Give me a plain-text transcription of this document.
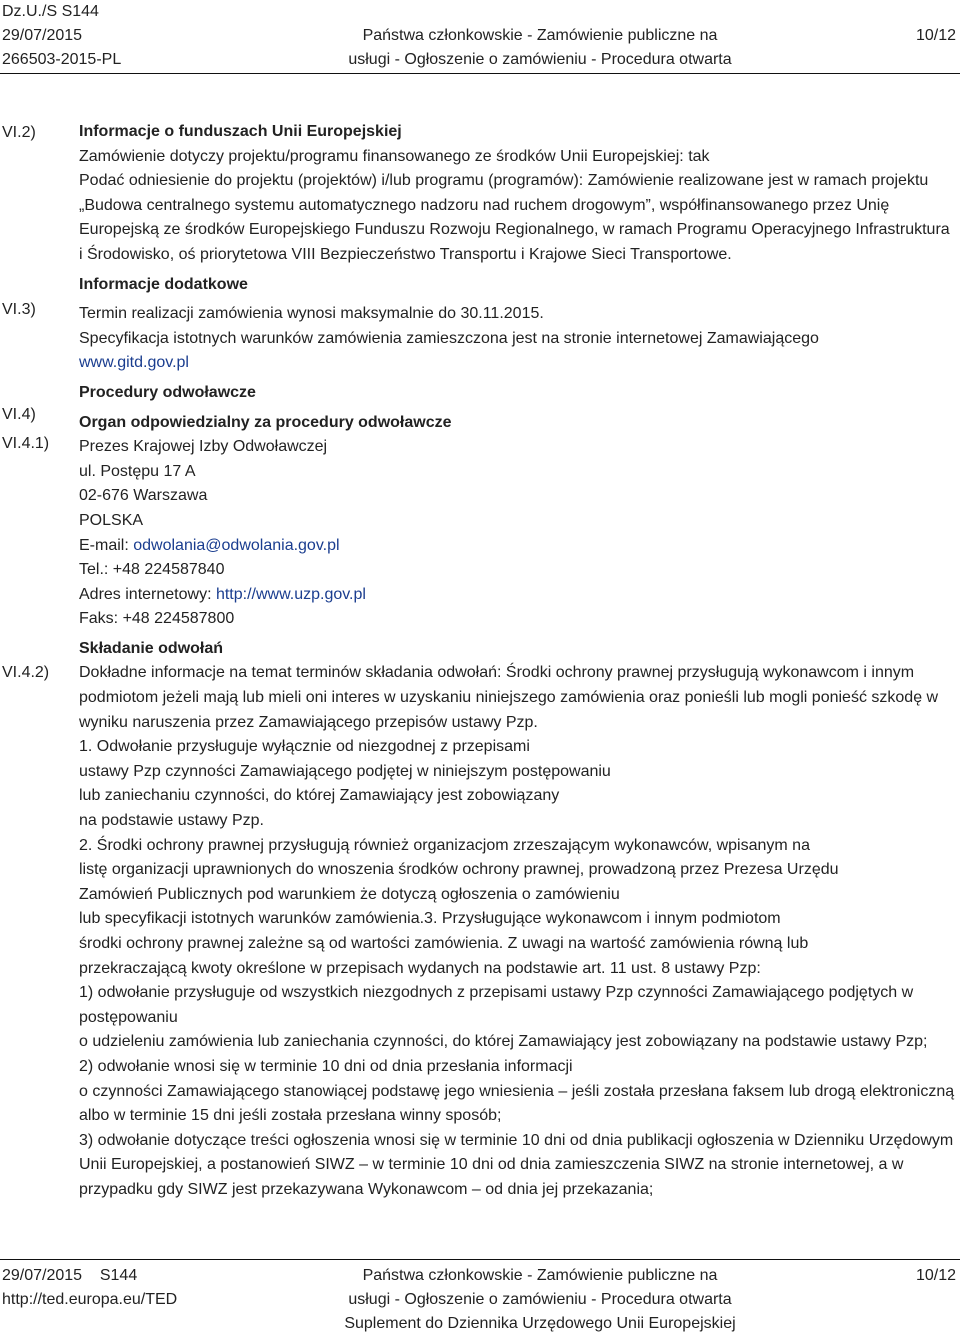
Dz.U./S S144
29/07/2015
266503-2015-PL
Państwa członkowskie - Zamówienie publiczne na
usługi - Ogłoszenie o zamówieniu - Procedura otwarta
10/12
VI.2)
VI.3)
VI.4)
VI.4.1)
VI.4.2)

Informacje o funduszach Unii Europejskiej

Zamówienie dotyczy projektu/programu finansowanego ze środków Unii Europejskiej: tak

Podać odniesienie do projektu (projektów) i/lub programu (programów): Zamówienie realizowane jest w ramach projektu „Budowa centralnego systemu automatycznego nadzoru nad ruchem drogowym”, współfinansowanego przez Unię Europejską ze środków Europejskiego Funduszu Rozwoju Regionalnego, w ramach Programu Operacyjnego Infrastruktura i Środowisko, oś priorytetowa VIII Bezpieczeństwo Transportu i Krajowe Sieci Transportowe.

Informacje dodatkowe

Termin realizacji zamówienia wynosi maksymalnie do 30.11.2015.

Specyfikacja istotnych warunków zamówienia zamieszczona jest na stronie internetowej Zamawiającego

www.gitd.gov.pl

Procedury odwoławcze

Organ odpowiedzialny za procedury odwoławcze

Prezes Krajowej Izby Odwoławczej

ul. Postępu 17 A

02-676 Warszawa

POLSKA

E-mail: odwolania@odwolania.gov.pl

Tel.: +48 224587840

Adres internetowy: http://www.uzp.gov.pl

Faks: +48 224587800

Składanie odwołań

Dokładne informacje na temat terminów składania odwołań: Środki ochrony prawnej przysługują wykonawcom i innym podmiotom jeżeli mają lub mieli oni interes w uzyskaniu niniejszego zamówienia oraz ponieśli lub mogli ponieść szkodę w wyniku naruszenia przez Zamawiającego przepisów ustawy Pzp.

1. Odwołanie przysługuje wyłącznie od niezgodnej z przepisami

ustawy Pzp czynności Zamawiającego podjętej w niniejszym postępowaniu

lub zaniechaniu czynności, do której Zamawiający jest zobowiązany

na podstawie ustawy Pzp.

2. Środki ochrony prawnej przysługują również organizacjom zrzeszającym wykonawców, wpisanym na

listę organizacji uprawnionych do wnoszenia środków ochrony prawnej, prowadzoną przez Prezesa Urzędu

Zamówień Publicznych pod warunkiem że dotyczą ogłoszenia o zamówieniu

lub specyfikacji istotnych warunków zamówienia.3. Przysługujące wykonawcom i innym podmiotom

środki ochrony prawnej zależne są od wartości zamówienia. Z uwagi na wartość zamówienia równą lub

przekraczającą kwoty określone w przepisach wydanych na podstawie art. 11 ust. 8 ustawy Pzp:

1) odwołanie przysługuje od wszystkich niezgodnych z przepisami ustawy Pzp czynności Zamawiającego podjętych w postępowaniu

o udzieleniu zamówienia lub zaniechania czynności, do której Zamawiający jest zobowiązany na podstawie ustawy Pzp;

2) odwołanie wnosi się w terminie 10 dni od dnia przesłania informacji

o czynności Zamawiającego stanowiącej podstawę jego wniesienia – jeśli została przesłana faksem lub drogą elektroniczną albo w terminie 15 dni jeśli została przesłana winny sposób;

3) odwołanie dotyczące treści ogłoszenia wnosi się w terminie 10 dni od dnia publikacji ogłoszenia w Dzienniku Urzędowym Unii Europejskiej, a postanowień SIWZ – w terminie 10 dni od dnia zamieszczenia SIWZ na stronie internetowej, a w przypadku gdy SIWZ jest przekazywana Wykonawcom – od dnia jej przekazania;

29/07/2015 S144
http://ted.europa.eu/TED
Państwa członkowskie - Zamówienie publiczne na
usługi - Ogłoszenie o zamówieniu - Procedura otwarta
Suplement do Dziennika Urzędowego Unii Europejskiej
10/12
